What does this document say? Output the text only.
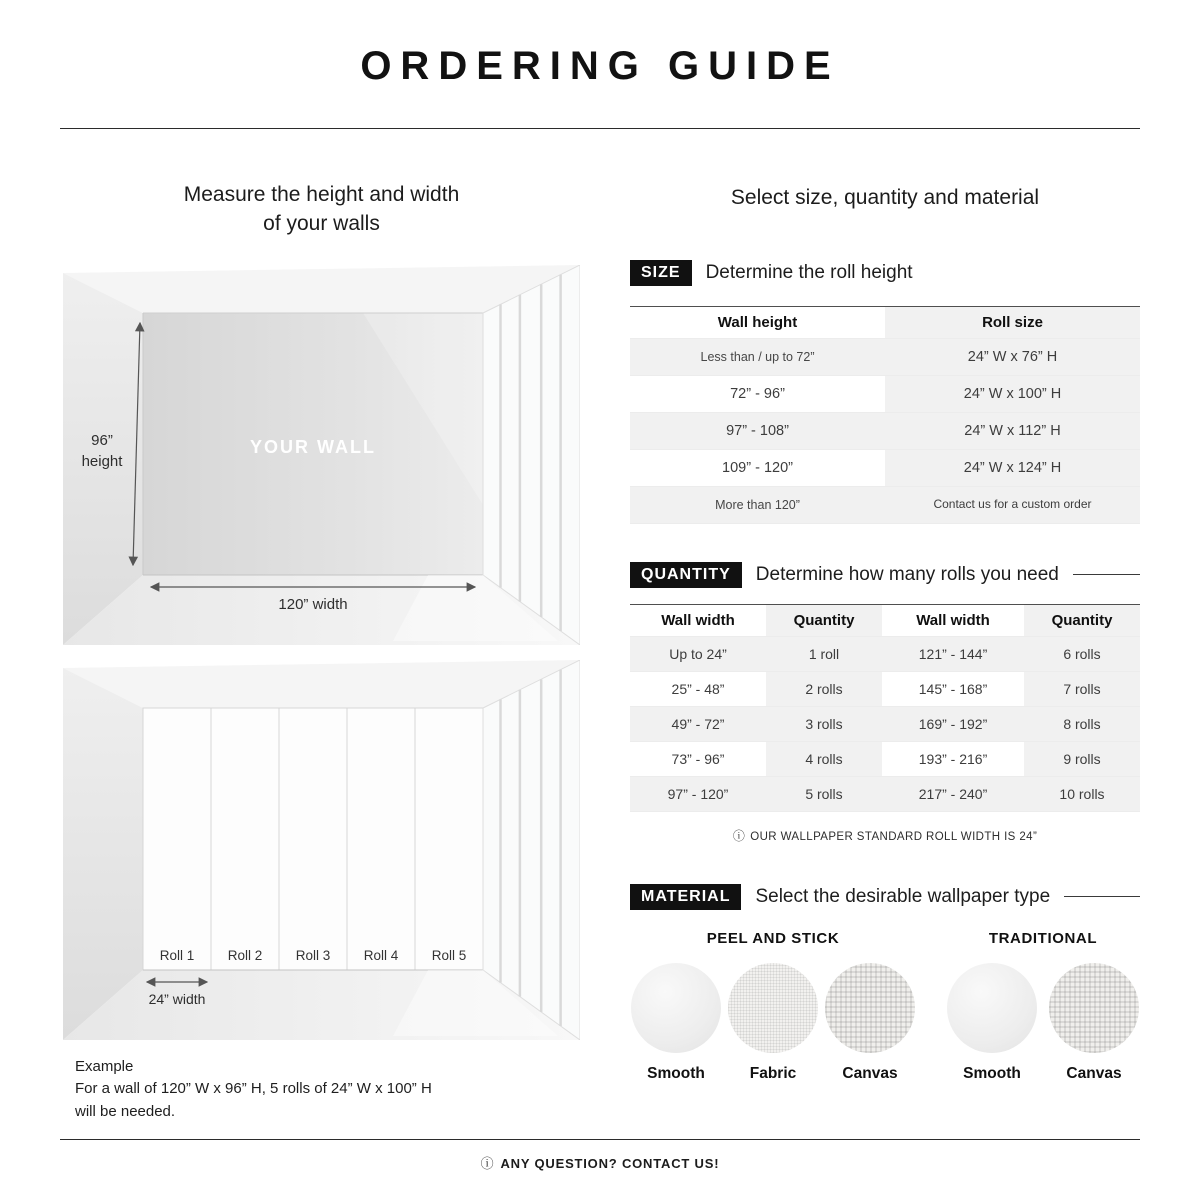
ORDERING GUIDE
Measure the height and width
of your walls
96”
height
YOUR WALL
120” width
Roll 1	Roll 2	Roll 3	Roll 4	Roll 5
24” width
Example
For a wall of 120” W x 96” H, 5 rolls of 24” W x 100” H
will be needed.
Select size, quantity and material
SIZE	Determine the roll height
Wall height	Roll size
Less than / up to 72”	24” W x 76” H
72” - 96”	24” W x 100” H
97” - 108”	24” W x 112” H
109” - 120”	24” W x 124” H
More than 120”	Contact us for a custom order
QUANTITY	Determine how many rolls you need
Wall width	Quantity	Wall width	Quantity
Up to 24”	1 roll	121” - 144”	6 rolls
25” - 48”	2 rolls	145” - 168”	7 rolls
49” - 72”	3 rolls	169” - 192”	8 rolls
73” - 96”	4 rolls	193” - 216”	9 rolls
97” - 120”	5 rolls	217” - 240”	10 rolls
ⓘ OUR WALLPAPER STANDARD ROLL WIDTH IS 24”
MATERIAL	Select the desirable wallpaper type
PEEL AND STICK
Smooth	Fabric	Canvas
TRADITIONAL
Smooth	Canvas
ⓘ ANY QUESTION? CONTACT US!
